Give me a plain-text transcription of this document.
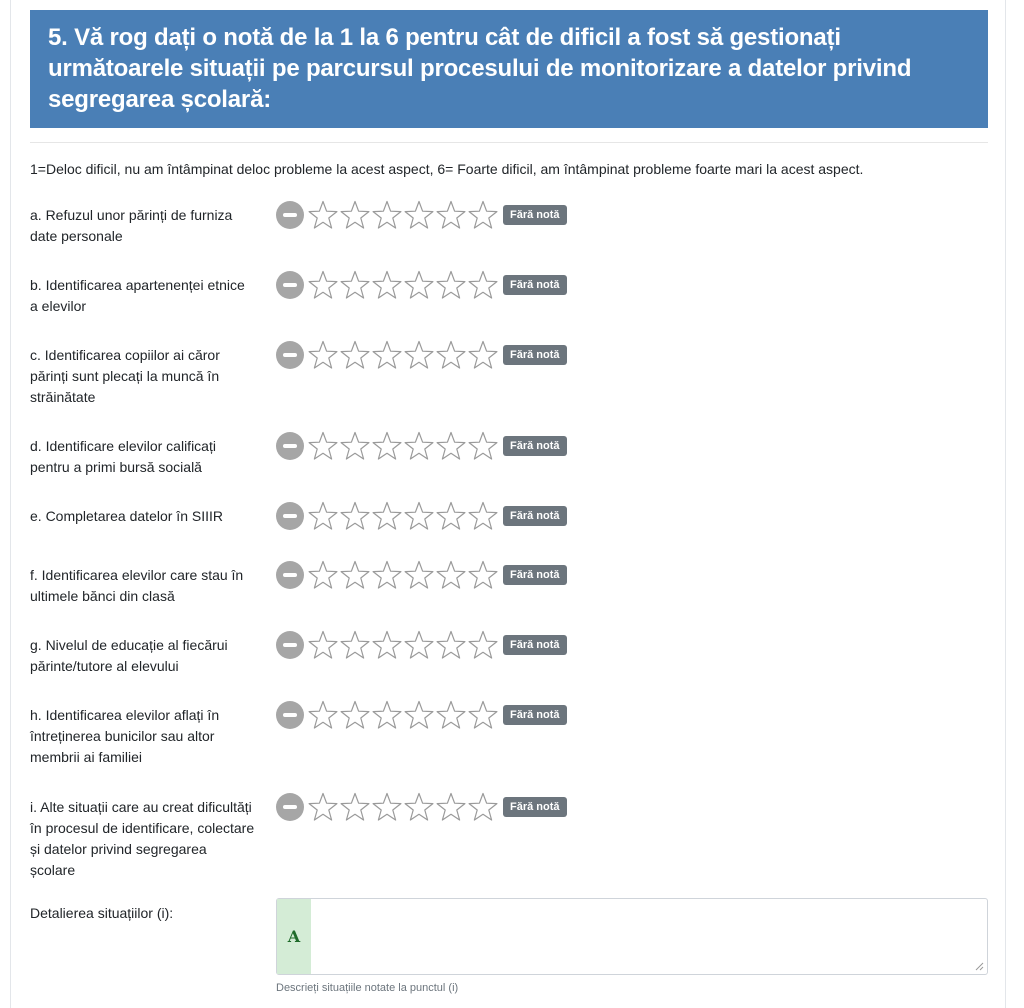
5. Vă rog dați o notă de la 1 la 6 pentru cât de dificil a fost să gestionați următoarele situații pe parcursul procesului de monitorizare a datelor privind segregarea școlară:
1=Deloc dificil, nu am întâmpinat deloc probleme la acest aspect, 6= Foarte dificil, am întâmpinat probleme foarte mari la acest aspect.
a. Refuzul unor părinți de furniza date personale
Fără notă
b. Identificarea apartenenței etnice a elevilor
Fără notă
c. Identificarea copiilor ai căror părinți sunt plecați la muncă în străinătate
Fără notă
d. Identificare elevilor calificați pentru a primi bursă socială
Fără notă
e. Completarea datelor în SIIIR	Fără notă
f. Identificarea elevilor care stau în ultimele bănci din clasă
Fără notă
g. Nivelul de educație al fiecărui părinte/tutore al elevului
Fără notă
h. Identificarea elevilor aflați în întreținerea bunicilor sau altor membrii ai familiei
Fără notă
i. Alte situații care au creat dificultăți în procesul de identificare, colectare și datelor privind segregarea școlare
Fără notă
Detalierea situațiilor (i):
A
Descrieți situațiile notate la punctul (i)
